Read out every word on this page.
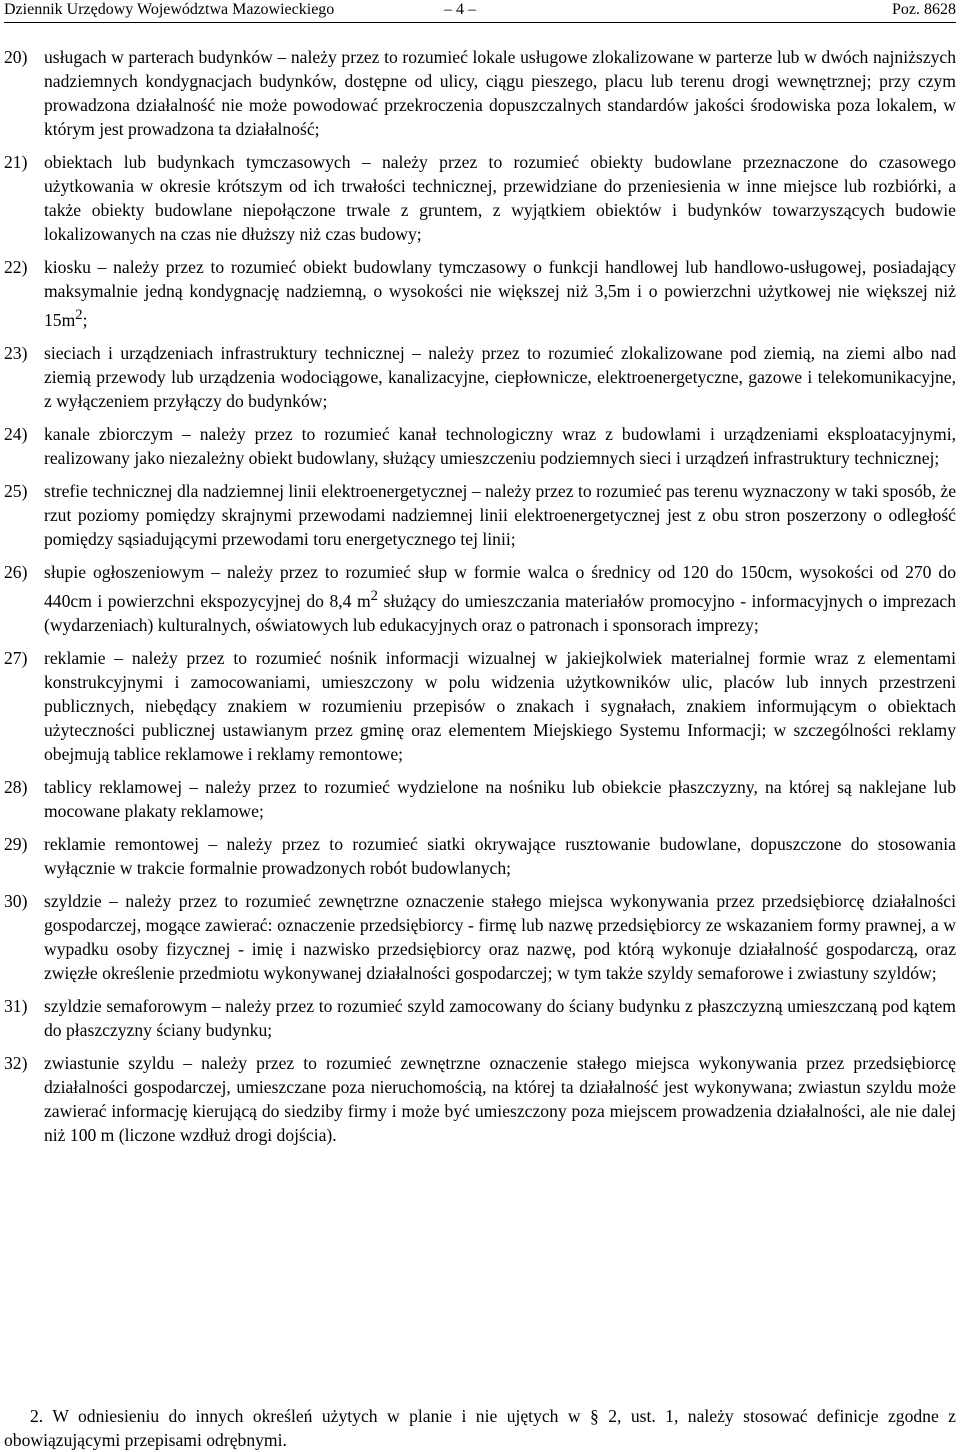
Dziennik Urzędowy Województwa Mazowieckiego	– 4 –	Poz. 8628
20) usługach w parterach budynków – należy przez to rozumieć lokale usługowe zlokalizowane w parterze lub w dwóch najniższych nadziemnych kondygnacjach budynków, dostępne od ulicy, ciągu pieszego, placu lub terenu drogi wewnętrznej; przy czym prowadzona działalność nie może powodować przekroczenia dopuszczalnych standardów jakości środowiska poza lokalem, w którym jest prowadzona ta działalność;
21) obiektach lub budynkach tymczasowych – należy przez to rozumieć obiekty budowlane przeznaczone do czasowego użytkowania w okresie krótszym od ich trwałości technicznej, przewidziane do przeniesienia w inne miejsce lub rozbiórki, a także obiekty budowlane niepołączone trwale z gruntem, z wyjątkiem obiektów i budynków towarzyszących budowie lokalizowanych na czas nie dłuższy niż czas budowy;
22) kiosku – należy przez to rozumieć obiekt budowlany tymczasowy o funkcji handlowej lub handlowo-usługowej, posiadający maksymalnie jedną kondygnację nadziemną, o wysokości nie większej niż 3,5m i o powierzchni użytkowej nie większej niż $15m^2$;
23) sieciach i urządzeniach infrastruktury technicznej – należy przez to rozumieć zlokalizowane pod ziemią, na ziemi albo nad ziemią przewody lub urządzenia wodociągowe, kanalizacyjne, ciepłownicze, elektroenergetyczne, gazowe i telekomunikacyjne, z wyłączeniem przyłączy do budynków;
24) kanale zbiorczym – należy przez to rozumieć kanał technologiczny wraz z budowlami i urządzeniami eksploatacyjnymi, realizowany jako niezależny obiekt budowlany, służący umieszczeniu podziemnych sieci i urządzeń infrastruktury technicznej;
25) strefie technicznej dla nadziemnej linii elektroenergetycznej – należy przez to rozumieć pas terenu wyznaczony w taki sposób, że rzut poziomy pomiędzy skrajnymi przewodami nadziemnej linii elektroenergetycznej jest z obu stron poszerzony o odległość pomiędzy sąsiadującymi przewodami toru energetycznego tej linii;
26) słupie ogłoszeniowym – należy przez to rozumieć słup w formie walca o średnicy od 120 do 150cm, wysokości od 270 do 440cm i powierzchni ekspozycyjnej do 8,4 $m^2$ służący do umieszczania materiałów promocyjno - informacyjnych o imprezach (wydarzeniach) kulturalnych, oświatowych lub edukacyjnych oraz o patronach i sponsorach imprezy;
27) reklamie – należy przez to rozumieć nośnik informacji wizualnej w jakiejkolwiek materialnej formie wraz z elementami konstrukcyjnymi i zamocowaniami, umieszczony w polu widzenia użytkowników ulic, placów lub innych przestrzeni publicznych, niebędący znakiem w rozumieniu przepisów o znakach i sygnałach, znakiem informującym o obiektach użyteczności publicznej ustawianym przez gminę oraz elementem Miejskiego Systemu Informacji; w szczególności reklamy obejmują tablice reklamowe i reklamy remontowe;
28) tablicy reklamowej – należy przez to rozumieć wydzielone na nośniku lub obiekcie płaszczyzny, na której są naklejane lub mocowane plakaty reklamowe;
29) reklamie remontowej – należy przez to rozumieć siatki okrywające rusztowanie budowlane, dopuszczone do stosowania wyłącznie w trakcie formalnie prowadzonych robót budowlanych;
30) szyldzie – należy przez to rozumieć zewnętrzne oznaczenie stałego miejsca wykonywania przez przedsiębiorcę działalności gospodarczej, mogące zawierać: oznaczenie przedsiębiorcy - firmę lub nazwę przedsiębiorcy ze wskazaniem formy prawnej, a w wypadku osoby fizycznej - imię i nazwisko przedsiębiorcy oraz nazwę, pod którą wykonuje działalność gospodarczą, oraz zwięzłe określenie przedmiotu wykonywanej działalności gospodarczej; w tym także szyldy semaforowe i zwiastuny szyldów;
31) szyldzie semaforowym – należy przez to rozumieć szyld zamocowany do ściany budynku z płaszczyzną umieszczaną pod kątem do płaszczyzny ściany budynku;
32) zwiastunie szyldu – należy przez to rozumieć zewnętrzne oznaczenie stałego miejsca wykonywania przez przedsiębiorcę działalności gospodarczej, umieszczane poza nieruchomością, na której ta działalność jest wykonywana; zwiastun szyldu może zawierać informację kierującą do siedziby firmy i może być umieszczony poza miejscem prowadzenia działalności, ale nie dalej niż 100 m (liczone wzdłuż drogi dojścia).
2. W odniesieniu do innych określeń użytych w planie i nie ujętych w § 2, ust. 1, należy stosować definicje zgodne z obowiązującymi przepisami odrębnymi.
